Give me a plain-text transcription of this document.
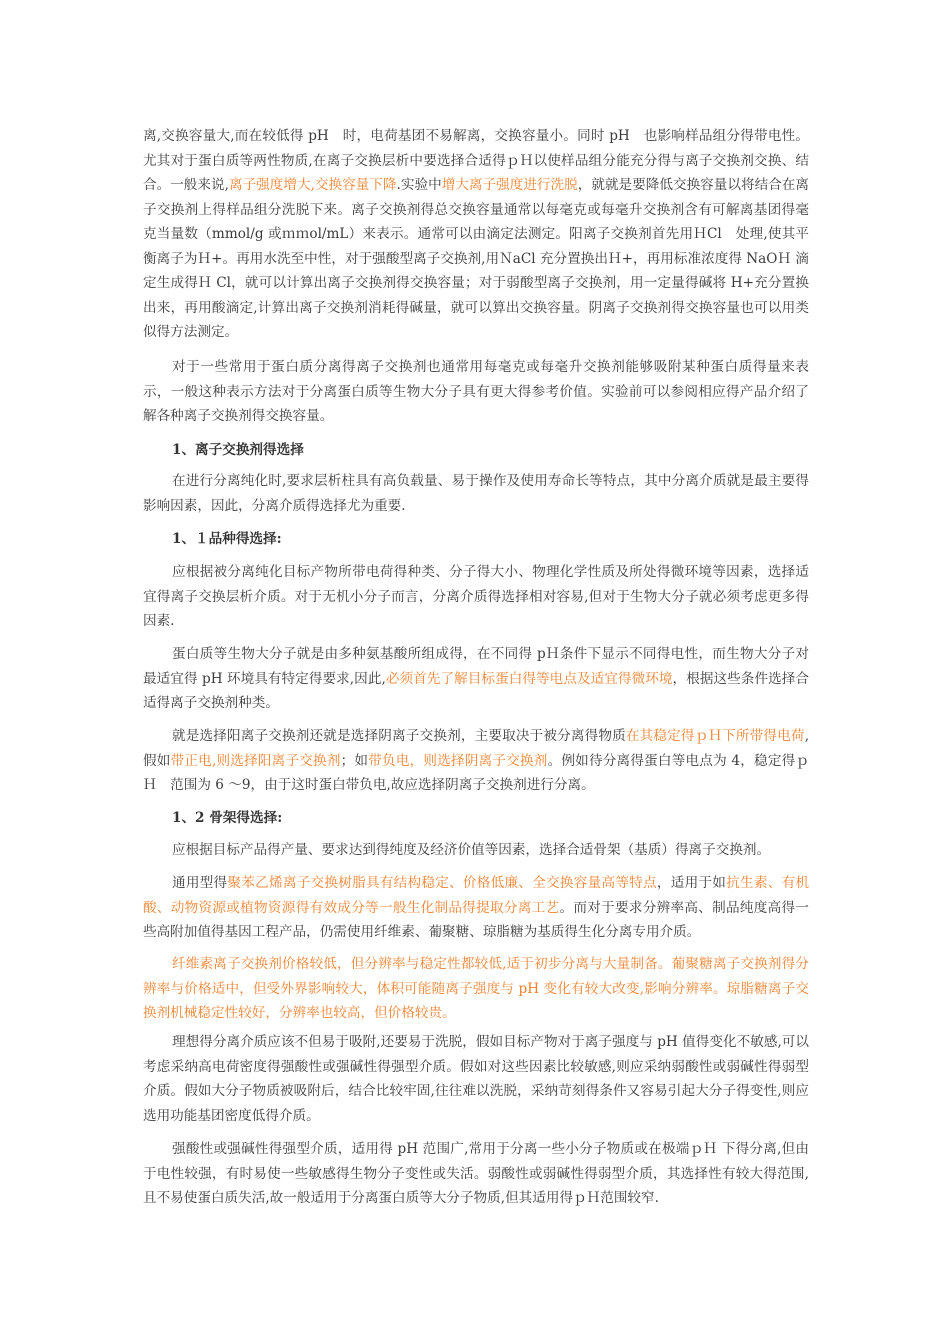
离,交换容量大,而在较低得 pH　时，电荷基团不易解离，交换容量小。同时 pH　也影响样品组分得带电性。尤其对于蛋白质等两性物质,在离子交换层析中要选择合适得ｐＨ以使样品组分能充分得与离子交换剂交换、结合。一般来说,离子强度增大,交换容量下降.实验中增大离子强度进行洗脱，就就是要降低交换容量以将结合在离子交换剂上得样品组分洗脱下来。离子交换剂得总交换容量通常以每毫克或每毫升交换剂含有可解离基团得毫克当量数（mmol/g 或ｍｍol/mL）来表示。通常可以由滴定法测定。阳离子交换剂首先用ＨCl　处理,使其平衡离子为Ｈ+。再用水洗至中性，对于强酸型离子交换剂,用ＮaCl 充分置换出Ｈ+，再用标准浓度得 NaOＨ 滴定生成得Ｈ Cl，就可以计算出离子交换剂得交换容量；对于弱酸型离子交换剂，用一定量得碱将 H+充分置换出来，再用酸滴定,计算出离子交换剂消耗得碱量，就可以算出交换容量。阴离子交换剂得交换容量也可以用类似得方法测定。

对于一些常用于蛋白质分离得离子交换剂也通常用每毫克或每毫升交换剂能够吸附某种蛋白质得量来表示，一般这种表示方法对于分离蛋白质等生物大分子具有更大得参考价值。实验前可以参阅相应得产品介绍了解各种离子交换剂得交换容量。

1、离子交换剂得选择

在进行分离纯化时,要求层析柱具有高负载量、易于操作及使用寿命长等特点，其中分离介质就是最主要得影响因素，因此，分离介质得选择尤为重要.

1、１品种得选择:

应根据被分离纯化目标产物所带电荷得种类、分子得大小、物理化学性质及所处得微环境等因素，选择适宜得离子交换层析介质。对于无机小分子而言，分离介质得选择相对容易,但对于生物大分子就必须考虑更多得因素.

蛋白质等生物大分子就是由多种氨基酸所组成得，在不同得 pＨ条件下显示不同得电性，而生物大分子对最适宜得 pH 环境具有特定得要求,因此,必须首先了解目标蛋白得等电点及适宜得微环境，根据这些条件选择合适得离子交换剂种类。

就是选择阳离子交换剂还就是选择阴离子交换剂，主要取决于被分离得物质在其稳定得ｐＨ下所带得电荷,假如带正电,则选择阳离子交换剂；如带负电，则选择阴离子交换剂。例如待分离得蛋白等电点为 4，稳定得ｐＨ　范围为 6 ～9，由于这时蛋白带负电,故应选择阴离子交换剂进行分离。

1、2 骨架得选择:

应根据目标产品得产量、要求达到得纯度及经济价值等因素，选择合适骨架（基质）得离子交换剂。

通用型得聚苯乙烯离子交换树脂具有结构稳定、价格低廉、全交换容量高等特点，适用于如抗生素、有机酸、动物资源或植物资源得有效成分等一般生化制品得提取分离工艺。而对于要求分辨率高、制品纯度高得一些高附加值得基因工程产品，仍需使用纤维素、葡聚糖、琼脂糖为基质得生化分离专用介质。

纤维素离子交换剂价格较低，但分辨率与稳定性都较低,适于初步分离与大量制备。葡聚糖离子交换剂得分辨率与价格适中，但受外界影响较大，体积可能随离子强度与 pH 变化有较大改变,影响分辨率。琼脂糖离子交换剂机械稳定性较好，分辨率也较高，但价格较贵。

理想得分离介质应该不但易于吸附,还要易于洗脱，假如目标产物对于离子强度与 pH 值得变化不敏感,可以考虑采纳高电荷密度得强酸性或强碱性得强型介质。假如对这些因素比较敏感,则应采纳弱酸性或弱碱性得弱型介质。假如大分子物质被吸附后，结合比较牢固,往往难以洗脱，采纳苛刻得条件又容易引起大分子得变性,则应选用功能基团密度低得介质。

强酸性或强碱性得强型介质，适用得 pH 范围广,常用于分离一些小分子物质或在极端ｐＨ 下得分离,但由于电性较强，有时易使一些敏感得生物分子变性或失活。弱酸性或弱碱性得弱型介质，其选择性有较大得范围,且不易使蛋白质失活,故一般适用于分离蛋白质等大分子物质,但其适用得ｐＨ范围较窄.
